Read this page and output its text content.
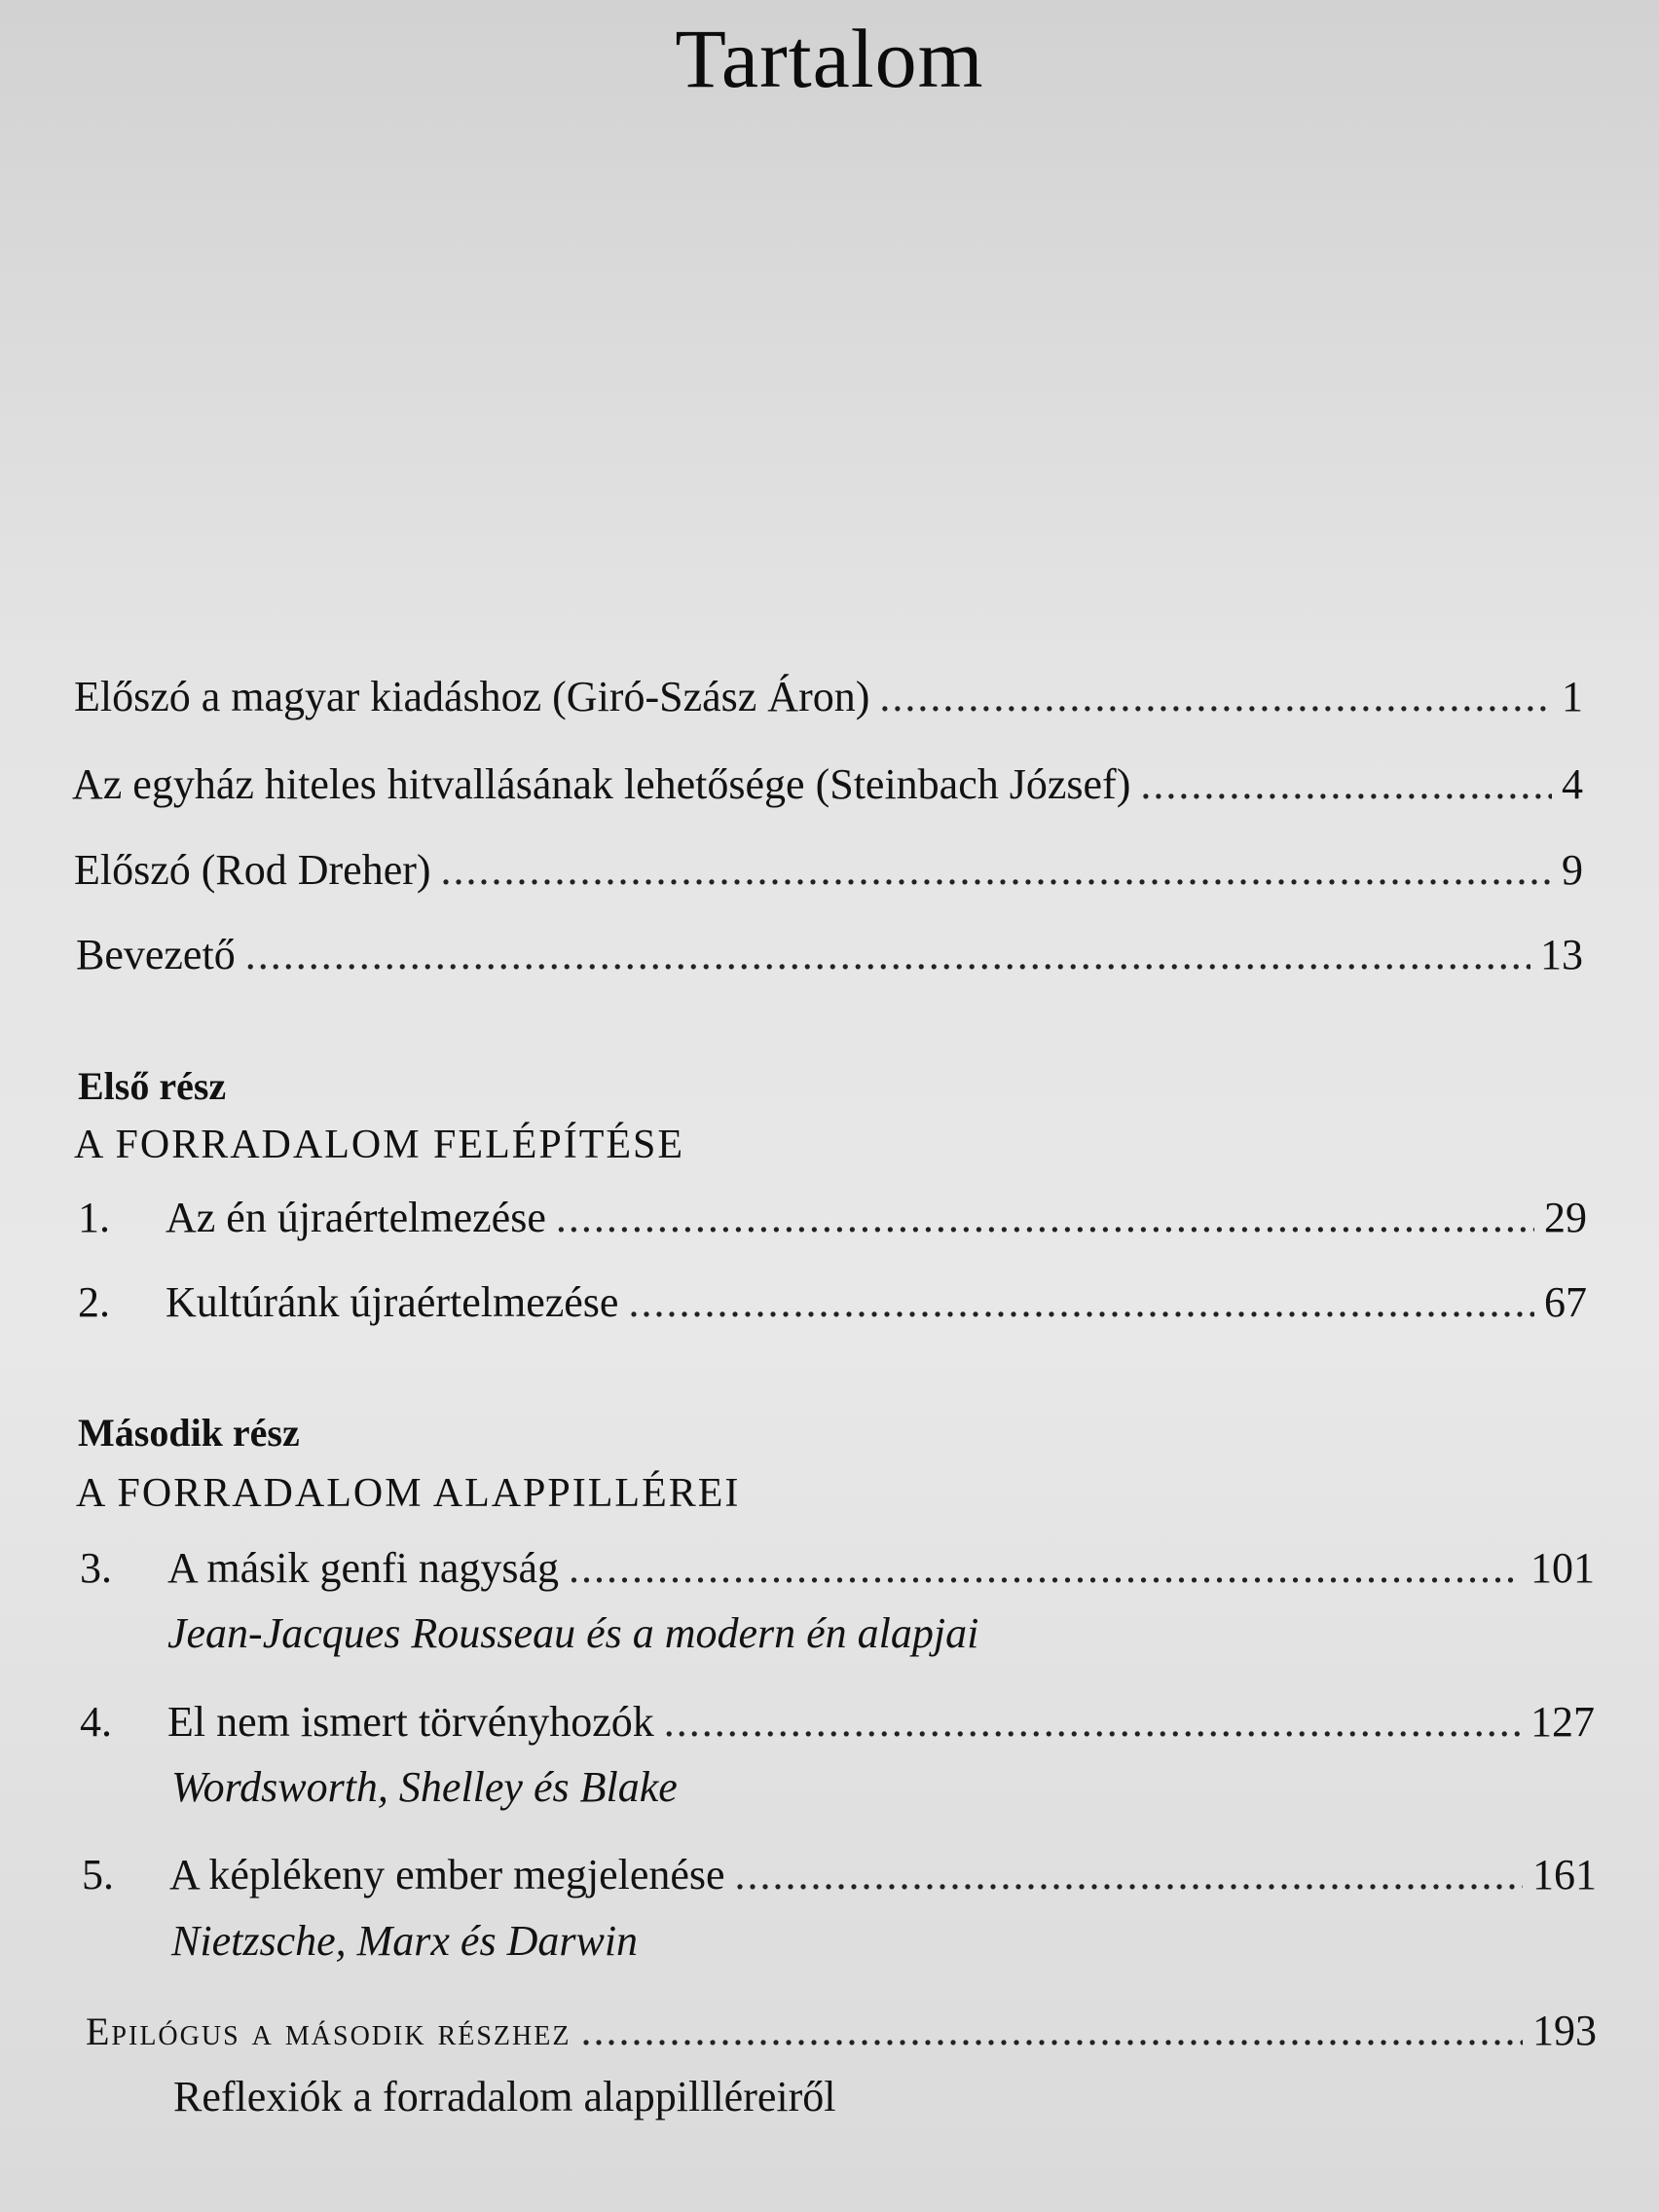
Tartalom
Előszó a magyar kiadáshoz (Giró-Szász Áron) .....	1
Az egyház hiteles hitvallásának lehetősége (Steinbach József) .....	4
Előszó (Rod Dreher) .....	9
Bevezető .....	13
Első rész
A FORRADALOM FELÉPÍTÉSE
1.	Az én újraértelmezése .....	29
2.	Kultúránk újraértelmezése .....	67
Második rész
A FORRADALOM ALAPPILLÉREI
3.	A másik genfi nagyság .....	101
Jean-Jacques Rousseau és a modern én alapjai
4.	El nem ismert törvényhozók .....	127
Wordsworth, Shelley és Blake
5.	A képlékeny ember megjelenése .....	161
Nietzsche, Marx és Darwin
Epilógus a második részhez .....	193
Reflexiók a forradalom alappillléreiről
